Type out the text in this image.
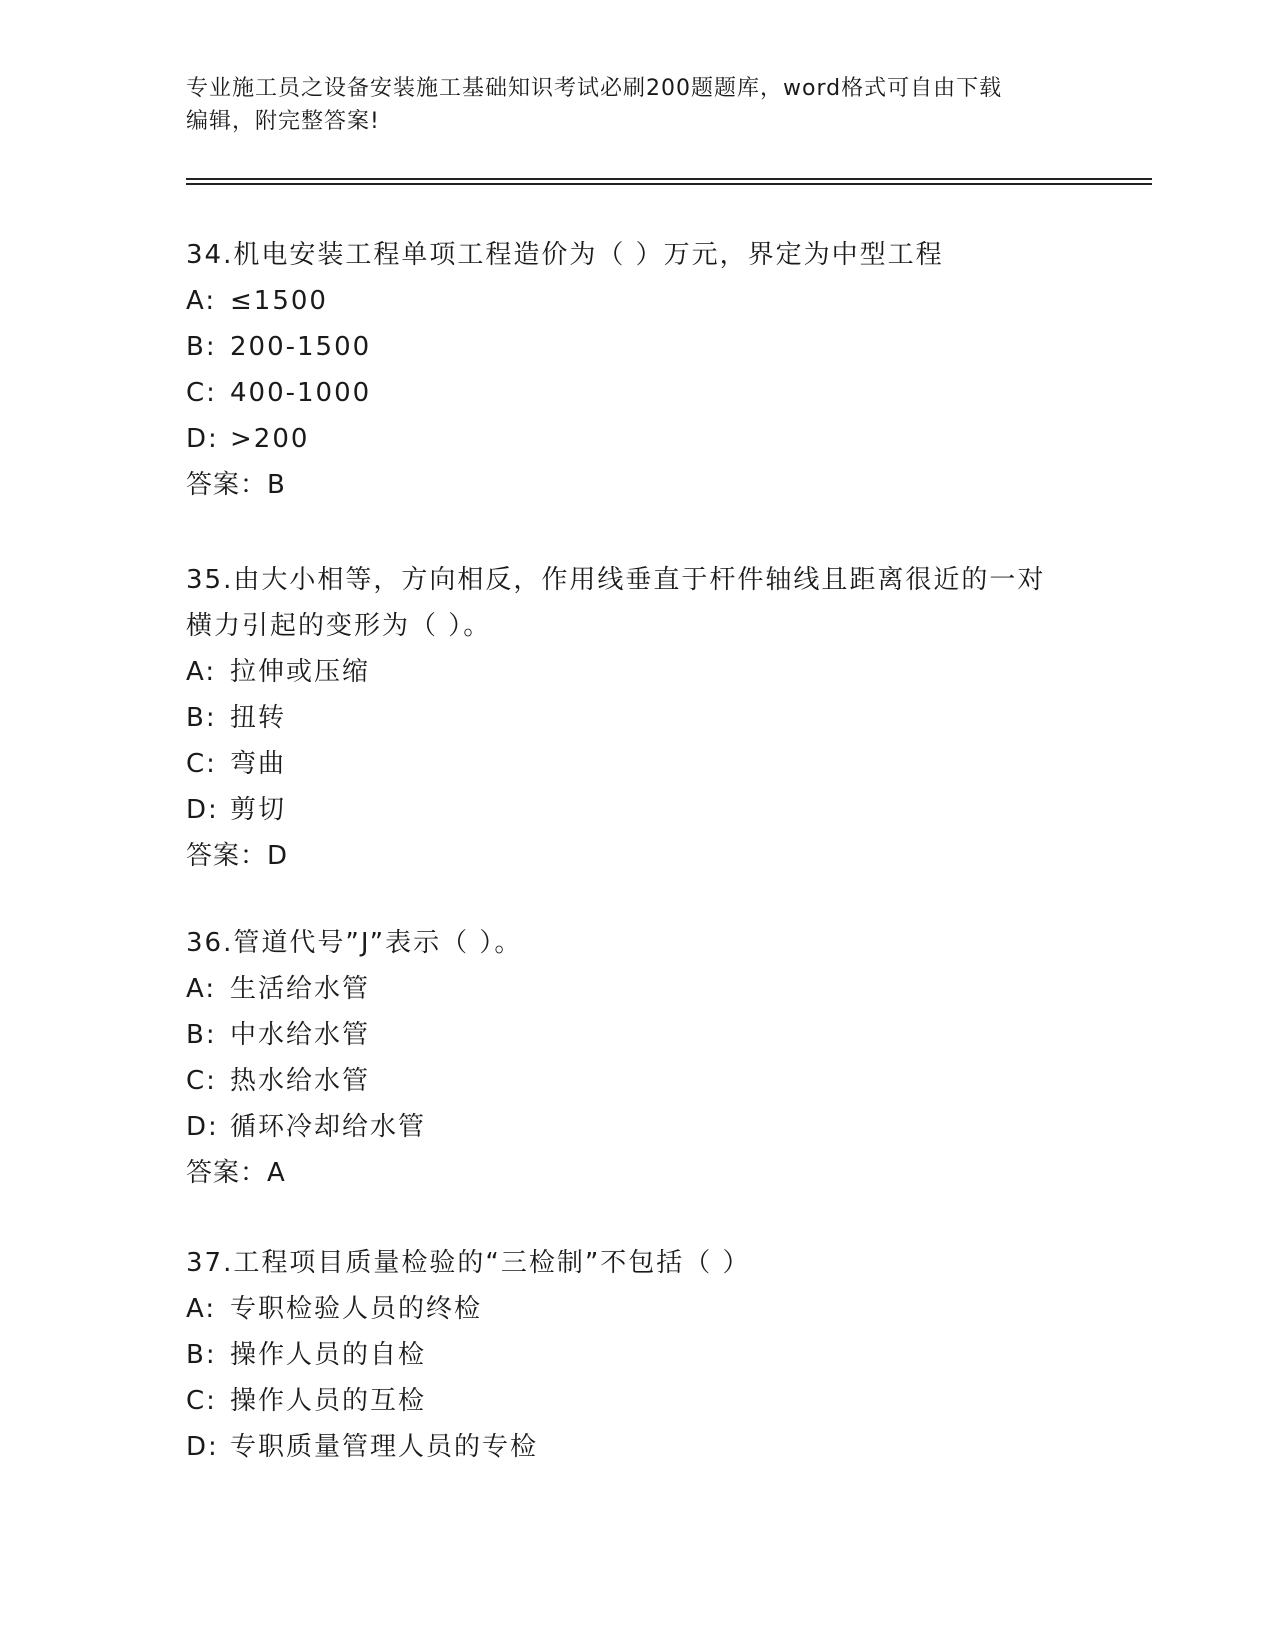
专业施工员之设备安装施工基础知识考试必刷200题题库，word格式可自由下载
编辑，附完整答案!

34.机电安装工程单项工程造价为（ ）万元，界定为中型工程

A: ≤1500

B: 200-1500

C: 400-1000

D: >200

答案：B

35.由大小相等，方向相反，作用线垂直于杆件轴线且距离很近的一对

横力引起的变形为（ ）。

A: 拉伸或压缩

B: 扭转

C: 弯曲

D: 剪切

答案：D

36.管道代号”J”表示（ ）。

A: 生活给水管

B: 中水给水管

C: 热水给水管

D: 循环冷却给水管

答案：A

37.工程项目质量检验的“三检制”不包括（ ）

A: 专职检验人员的终检

B: 操作人员的自检

C: 操作人员的互检

D: 专职质量管理人员的专检
